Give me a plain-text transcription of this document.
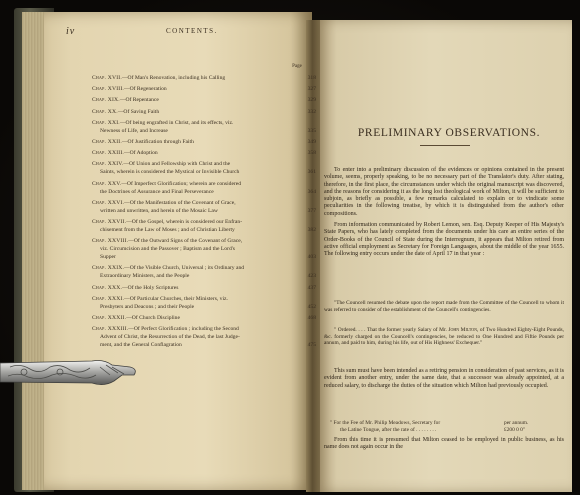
iv	CONTENTS.
Page
Chap. XVII.—Of Man's Renovation, including his Calling	318
Chap. XVIII.—Of Regeneration	327
Chap. XIX.—Of Repentance	329
Chap. XX.—Of Saving Faith	332
Chap. XXI.—Of being engrafted in Christ, and its effects, viz.
Newness of Life, and Increase	335
Chap. XXII.—Of Justification through Faith	349
Chap. XXIII.—Of Adoption	358
Chap. XXIV.—Of Union and Fellowship with Christ and the
Saints, wherein is considered the Mystical or Invisible Church	361
Chap. XXV.—Of Imperfect Glorification; wherein are considered
the Doctrines of Assurance and Final Perseverance	364
Chap. XXVI.—Of the Manifestation of the Covenant of Grace,
written and unwritten, and herein of the Mosaic Law	377
Chap. XXVII.—Of the Gospel, wherein is considered our Enfran-
chisement from the Law of Moses ; and of Christian Liberty	382
Chap. XXVIII.—Of the Outward Signs of the Covenant of Grace,
viz. Circumcision and the Passover ; Baptism and the Lord's
Supper	403
Chap. XXIX.—Of the Visible Church, Universal ; its Ordinary and
Extraordinary Ministers, and the People	423
Chap. XXX.—Of the Holy Scriptures	437
Chap. XXXI.—Of Particular Churches, their Ministers, viz.
Presbyters and Deacons ; and their People	452
Chap. XXXII.—Of Church Discipline	468
Chap. XXXIII.—Of Perfect Glorification ; including the Second
Advent of Christ, the Resurrection of the Dead, the last Judge-
ment, and the General Conflagration	475
PRELIMINARY OBSERVATIONS.
To enter into a preliminary discussion of the evidences or opinions contained in the present volume, seems, properly speaking, to be no necessary part of the Translator's duty. After stating, therefore, in the first place, the circumstances under which the original manuscript was discovered, and the reasons for considering it as the long lost theological work of Milton, it will be sufficient to subjoin, as briefly as possible, a few remarks calculated to explain or to vindicate some peculiarities in the following treatise, by which it is distinguished from the author's other compositions.
From information communicated by Robert Lemon, sen. Esq. Deputy Keeper of His Majesty's State Papers, who has lately completed from the documents under his care an entire series of the Order-Books of the Council of State during the Interregnum, it appears that Milton retired from active official employment as Secretary for Foreign Languages, about the middle of the year 1655. The following entry occurs under the date of April 17 in that year :
"The Councell resumed the debate upon the report made from the Committee of the Councell to whom it was referred to consider of the establishment of the Councell's contingencies.
" Ordered. . . . That the former yearly Salary of Mr. John Milton, of Two Hundred Eighty-Eight Pounds, &c. formerly charged on the Councell's contingencies, be reduced to One Hundred and Fiftie Pounds per annum, and paid to him, during his life, out of His Highness' Exchequer."
This sum must have been intended as a retiring pension in consideration of past services, as it is evident from another entry, under the same date, that a successor was already appointed, at a reduced salary, to discharge the duties of the situation which Milton had previously occupied.
" For the Fee of Mr. Philip Meadows, Secretary for
the Latine Tongue, after the rate of . . . . . . . .
per annum.
£200 0 0"
From this time it is presumed that Milton ceased to be employed in public business, as his name does not again occur in the
